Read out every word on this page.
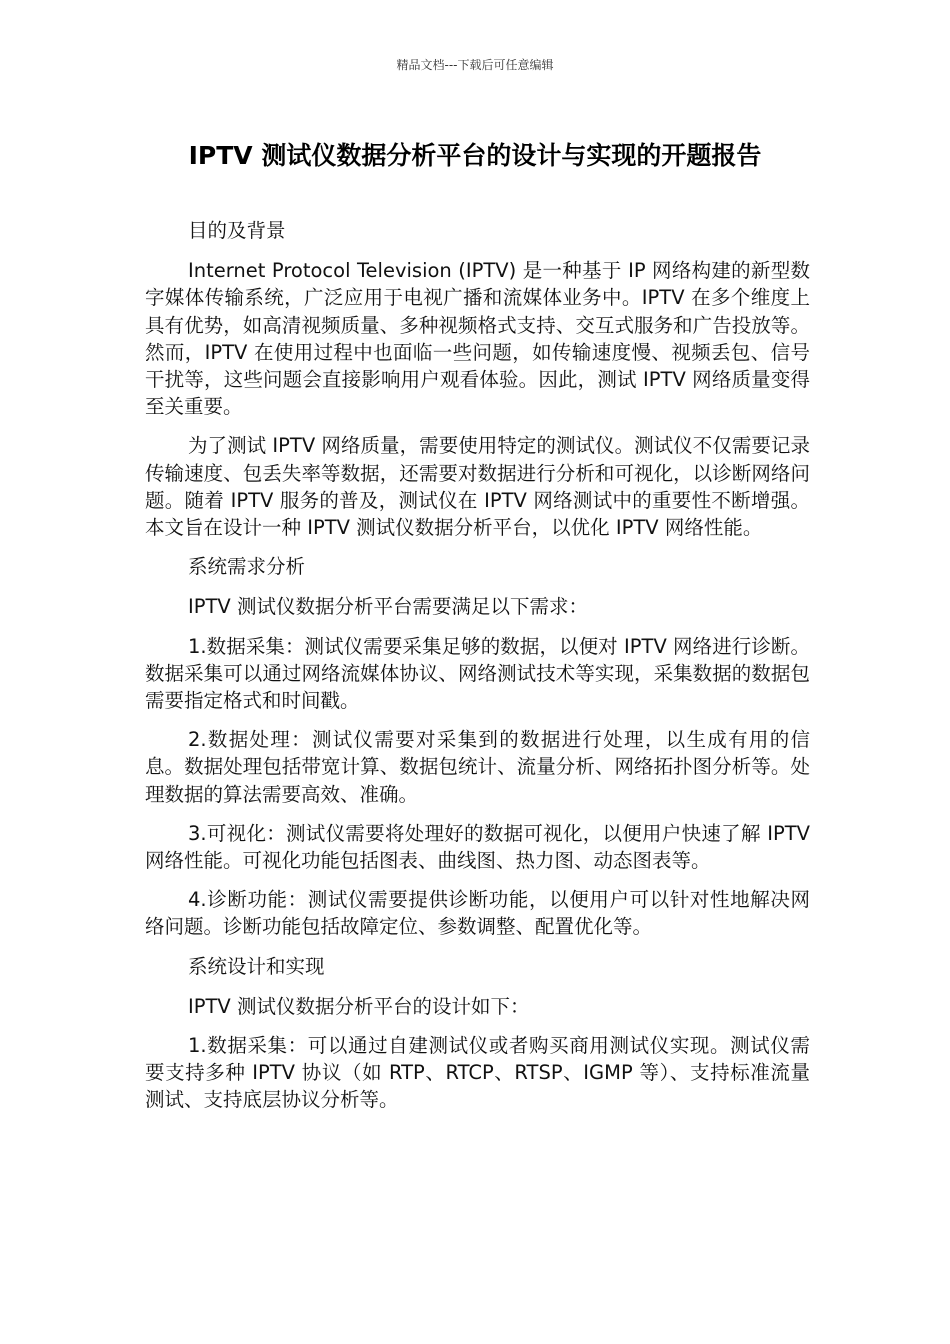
精品文档---下载后可任意编辑
IPTV 测试仪数据分析平台的设计与实现的开题报告

目的及背景

Internet Protocol Television (IPTV) 是一种基于 IP 网络构建的新型数字媒体传输系统，广泛应用于电视广播和流媒体业务中。IPTV 在多个维度上具有优势，如高清视频质量、多种视频格式支持、交互式服务和广告投放等。然而，IPTV 在使用过程中也面临一些问题，如传输速度慢、视频丢包、信号干扰等，这些问题会直接影响用户观看体验。因此，测试 IPTV 网络质量变得至关重要。

为了测试 IPTV 网络质量，需要使用特定的测试仪。测试仪不仅需要记录传输速度、包丢失率等数据，还需要对数据进行分析和可视化，以诊断网络问题。随着 IPTV 服务的普及，测试仪在 IPTV 网络测试中的重要性不断增强。本文旨在设计一种 IPTV 测试仪数据分析平台，以优化 IPTV 网络性能。

系统需求分析

IPTV 测试仪数据分析平台需要满足以下需求：

1.数据采集：测试仪需要采集足够的数据，以便对 IPTV 网络进行诊断。数据采集可以通过网络流媒体协议、网络测试技术等实现，采集数据的数据包需要指定格式和时间戳。

2.数据处理：测试仪需要对采集到的数据进行处理，以生成有用的信息。数据处理包括带宽计算、数据包统计、流量分析、网络拓扑图分析等。处理数据的算法需要高效、准确。

3.可视化：测试仪需要将处理好的数据可视化，以便用户快速了解 IPTV 网络性能。可视化功能包括图表、曲线图、热力图、动态图表等。

4.诊断功能：测试仪需要提供诊断功能，以便用户可以针对性地解决网络问题。诊断功能包括故障定位、参数调整、配置优化等。

系统设计和实现

IPTV 测试仪数据分析平台的设计如下：

1.数据采集：可以通过自建测试仪或者购买商用测试仪实现。测试仪需要支持多种 IPTV 协议（如 RTP、RTCP、RTSP、IGMP 等）、支持标准流量测试、支持底层协议分析等。
